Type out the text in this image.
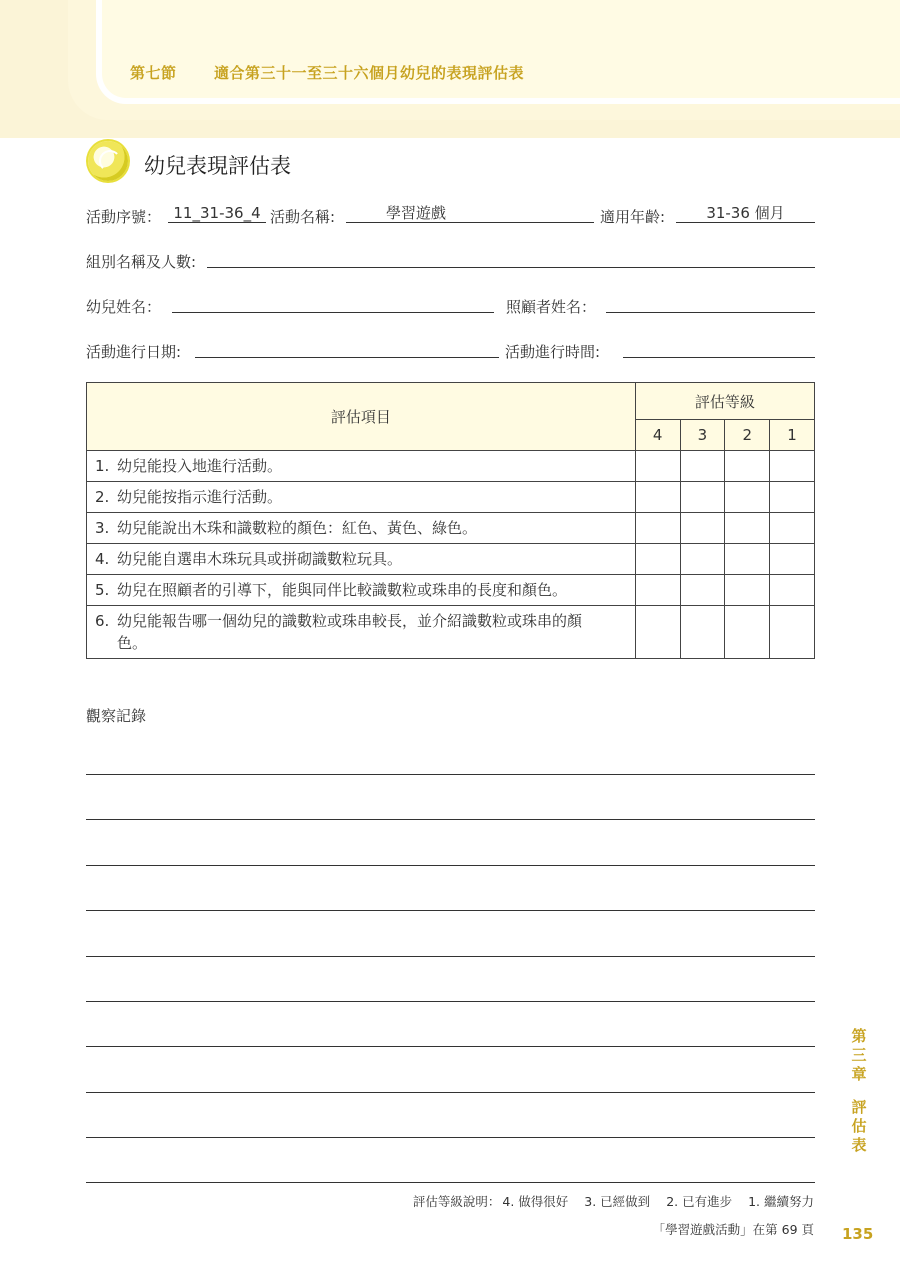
第七節 適合第三十一至三十六個月幼兒的表現評估表
幼兒表現評估表
活動序號： 11_31-36_4 活動名稱:	學習遊戲	適用年齡:	31-36 個月
組別名稱及人數:
幼兒姓名：	照顧者姓名：
活動進行日期:	活動進行時間:
評估項目	評估等級			
	4	3	2	1
1. 幼兒能投入地進行活動。				
2. 幼兒能按指示進行活動。				
3. 幼兒能說出木珠和識數粒的顏色：紅色、黃色、綠色。				
4. 幼兒能自選串木珠玩具或拼砌識數粒玩具。				
5. 幼兒在照顧者的引導下，能與同伴比較識數粒或珠串的長度和顏色。				
6. 幼兒能報告哪一個幼兒的識數粒或珠串較長，並介紹識數粒或珠串的顏色。				
觀察記錄
評估等級說明： 4. 做得很好 3. 已經做到 2. 已有進步 1. 繼續努力
「學習遊戲活動」在第 69 頁 135
第
三
章
評
估
表
